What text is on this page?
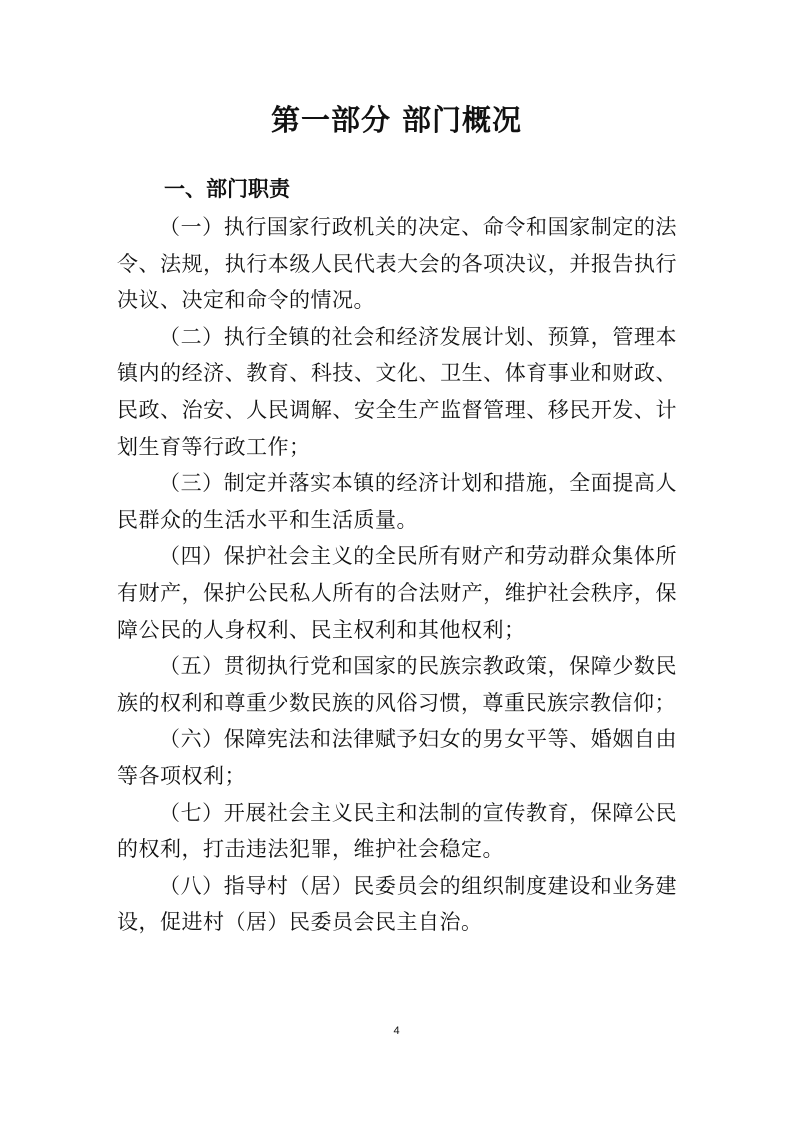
第一部分 部门概况
一、部门职责

（一）执行国家行政机关的决定、命令和国家制定的法令、法规，执行本级人民代表大会的各项决议，并报告执行决议、决定和命令的情况。

（二）执行全镇的社会和经济发展计划、预算，管理本镇内的经济、教育、科技、文化、卫生、体育事业和财政、民政、治安、人民调解、安全生产监督管理、移民开发、计划生育等行政工作；

（三）制定并落实本镇的经济计划和措施，全面提高人民群众的生活水平和生活质量。

（四）保护社会主义的全民所有财产和劳动群众集体所有财产，保护公民私人所有的合法财产，维护社会秩序，保障公民的人身权利、民主权利和其他权利；

（五）贯彻执行党和国家的民族宗教政策，保障少数民族的权利和尊重少数民族的风俗习惯，尊重民族宗教信仰；

（六）保障宪法和法律赋予妇女的男女平等、婚姻自由等各项权利；

（七）开展社会主义民主和法制的宣传教育，保障公民的权利，打击违法犯罪，维护社会稳定。

（八）指导村（居）民委员会的组织制度建设和业务建设，促进村（居）民委员会民主自治。

4
